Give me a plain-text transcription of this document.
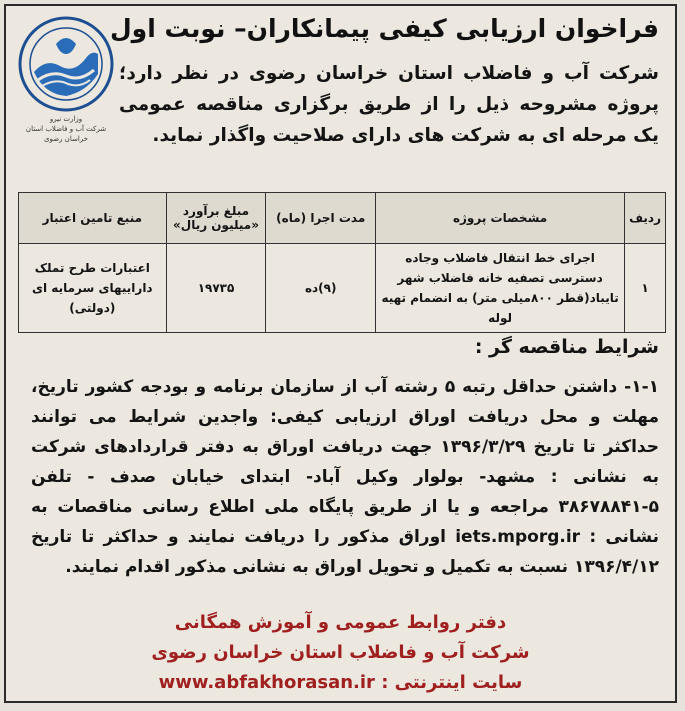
وزارت نیرو
شرکت آب و فاضلاب استان خراسان رضوی
فراخوان ارزیابی کیفی پیمانکاران– نوبت اول
شرکت آب و فاضلاب استان خراسان رضوی در نظر دارد؛ پروژه مشروحه ذیل را از طریق برگزاری مناقصه عمومی یک مرحله ای به شرکت های دارای صلاحیت واگذار نماید.
ردیف	مشخصات پروژه	مدت اجرا (ماه)	مبلغ برآورد «میلیون ریال»	منبع تامین اعتبار
۱	اجرای خط انتقال فاضلاب وجاده دسترسی تصفیه خانه فاضلاب شهر تایباد(قطر ۸۰۰میلی متر) به انضمام تهیه لوله	(۹)ده	۱۹۷۳۵	اعتبارات طرح تملک داراییهای سرمایه ای (دولتی)
شرایط مناقصه گر :
۱-۱- داشتن حداقل رتبه ۵ رشته آب از سازمان برنامه و بودجه کشور تاریخ، مهلت و محل دریافت اوراق ارزیابی کیفی: واجدین شرایط می توانند حداکثر تا تاریخ ۱۳۹۶/۳/۲۹ جهت دریافت اوراق به دفتر قراردادهای شرکت به نشانی : مشهد- بولوار وکیل آباد- ابتدای خیابان صدف - تلفن ۵-۳۸۶۷۸۸۴۱ مراجعه و یا از طریق پایگاه ملی اطلاع رسانی مناقصات به نشانی : iets.mporg.ir اوراق مذکور را دریافت نمایند و حداکثر تا تاریخ ۱۳۹۶/۴/۱۲ نسبت به تکمیل و تحویل اوراق به نشانی مذکور اقدام نمایند.
دفتر روابط عمومی و آموزش همگانی
شرکت آب و فاضلاب استان خراسان رضوی
سایت اینترنتی : www.abfakhorasan.ir
